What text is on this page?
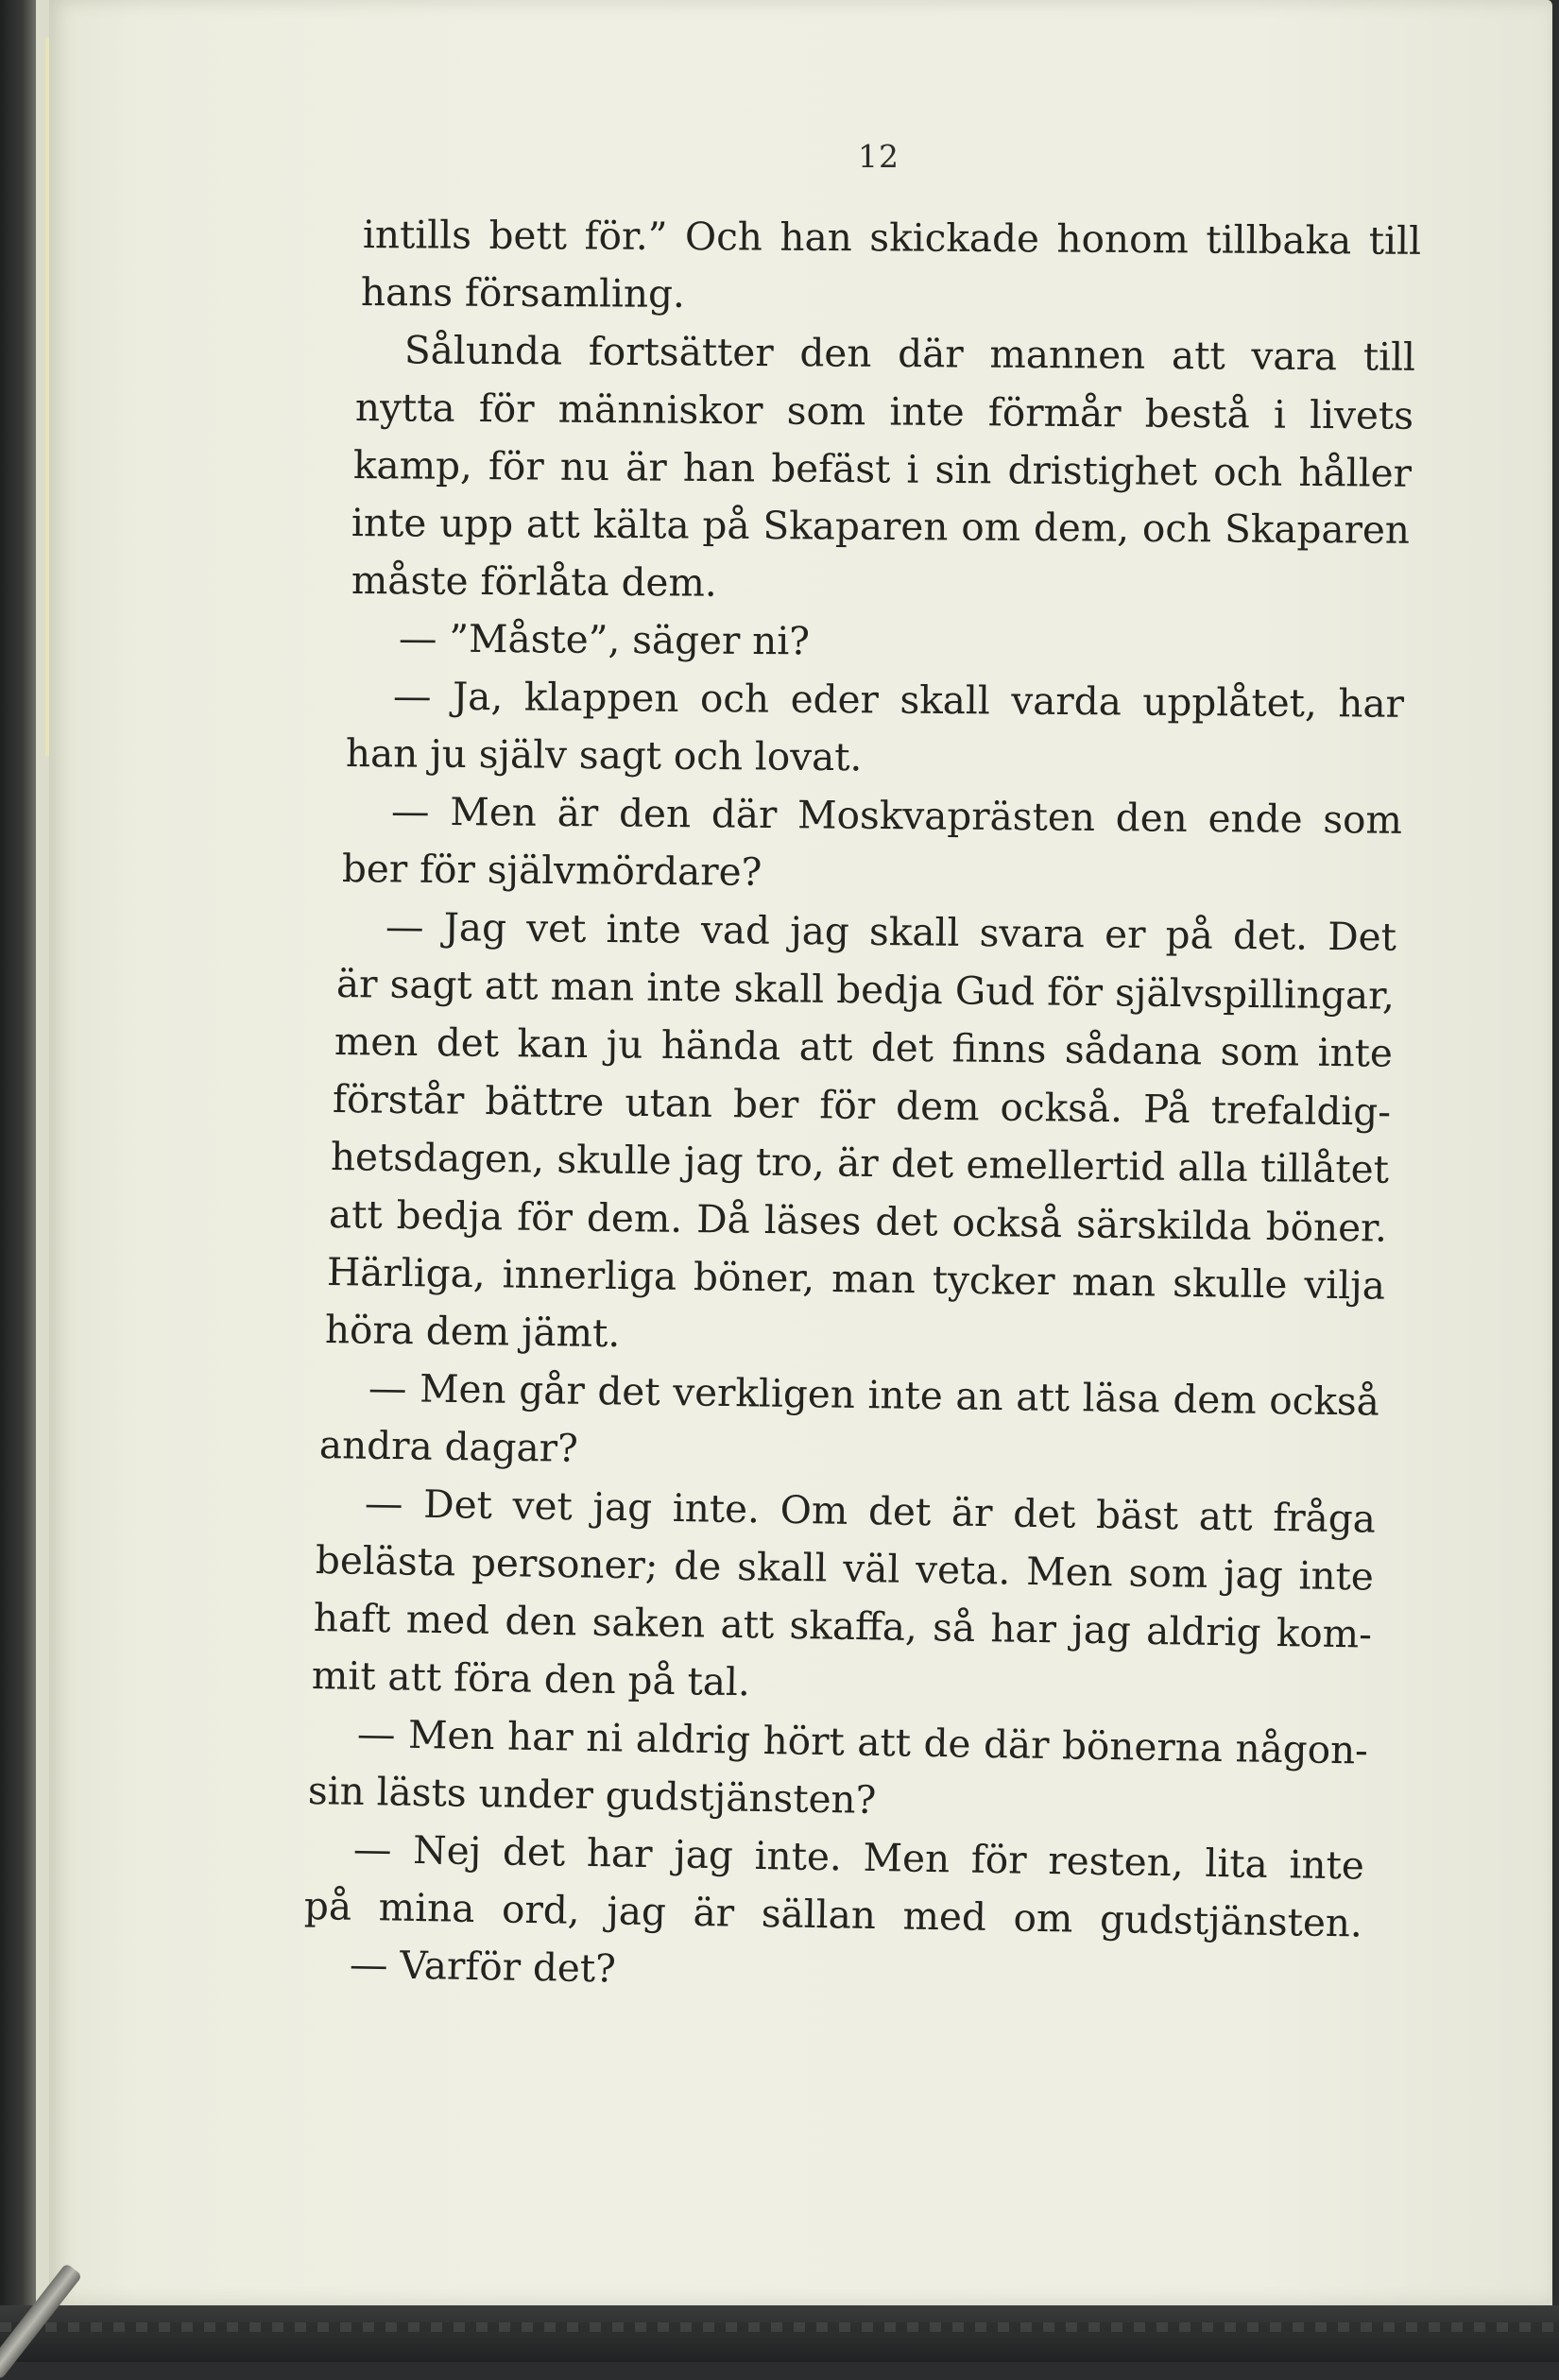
12
intills bett för.” Och han skickade honom tillbaka till
hans församling.
Sålunda fortsätter den där mannen att vara till
nytta för människor som inte förmår bestå i livets
kamp, för nu är han befäst i sin dristighet och håller
inte upp att kälta på Skaparen om dem, och Skaparen
måste förlåta dem.
— ”Måste”, säger ni?
— Ja, klappen och eder skall varda upplåtet, har
han ju själv sagt och lovat.
— Men är den där Moskvaprästen den ende som
ber för självmördare?
— Jag vet inte vad jag skall svara er på det. Det
är sagt att man inte skall bedja Gud för självspillingar,
men det kan ju hända att det finns sådana som inte
förstår bättre utan ber för dem också. På trefaldig-
hetsdagen, skulle jag tro, är det emellertid alla tillåtet
att bedja för dem. Då läses det också särskilda böner.
Härliga, innerliga böner, man tycker man skulle vilja
höra dem jämt.
— Men går det verkligen inte an att läsa dem också
andra dagar?
— Det vet jag inte. Om det är det bäst att fråga
belästa personer; de skall väl veta. Men som jag inte
haft med den saken att skaffa, så har jag aldrig kom-
mit att föra den på tal.
— Men har ni aldrig hört att de där bönerna någon-
sin lästs under gudstjänsten?
— Nej det har jag inte. Men för resten, lita inte
på mina ord, jag är sällan med om gudstjänsten.
— Varför det?
